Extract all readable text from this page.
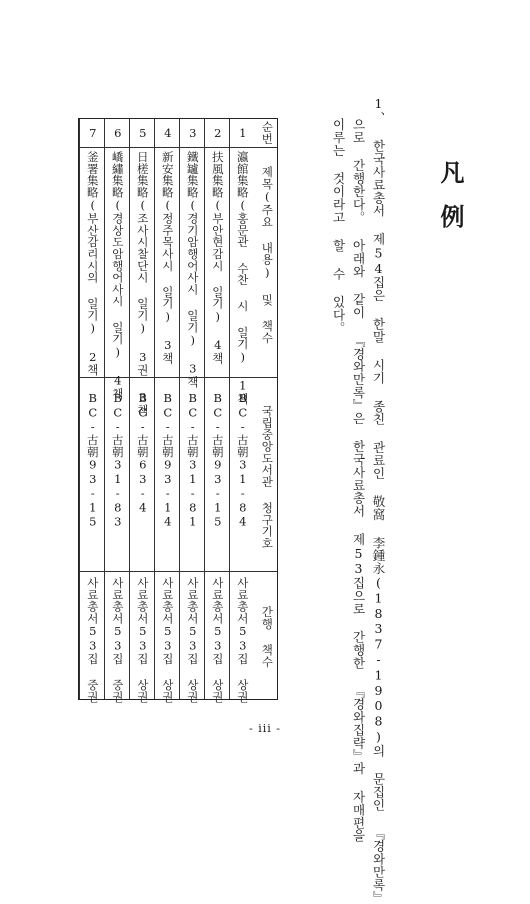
凡例
1、 한국사료총서 제54집은 한말 시기 종친 관료인 敬窩 李鍾永(1837-1908)의 문집인 『경와만록』
으로 간행한다。 아래와 같이 『경와만록』은 한국사료총서 제53집으로 간행한 『경와집략』과 자매편을
이루는 것이라고 할 수 있다。
순번
제목(주요 내용) 및 책수
국립중앙도서관 청구기호
간행 책수
1
瀛館集略(홍문관 수찬 시 일기) 1책
BC-古朝31-84
사료총서53집 상권
2
扶風集略(부안현감시 일기) 4책
BC-古朝93-15
사료총서53집 상권
3
鐵罏集略(경기암행어사시 일기) 3책
BC-古朝31-81
사료총서53집 상권
4
新安集略(정주목사시 일기) 3책
BC-古朝93-14
사료총서53집 상권
5
日槎集略(조사시찰단시 일기) 3권 3책
BC-古朝63-4
사료총서53집 상권
6
嶠繡集略(경상도암행어사시 일기) 4책
BC-古朝31-83
사료총서53집 중권
7
釜署集略(부산감리시의 일기) 2책
BC-古朝93-15
사료총서53집 중권
- iii -
